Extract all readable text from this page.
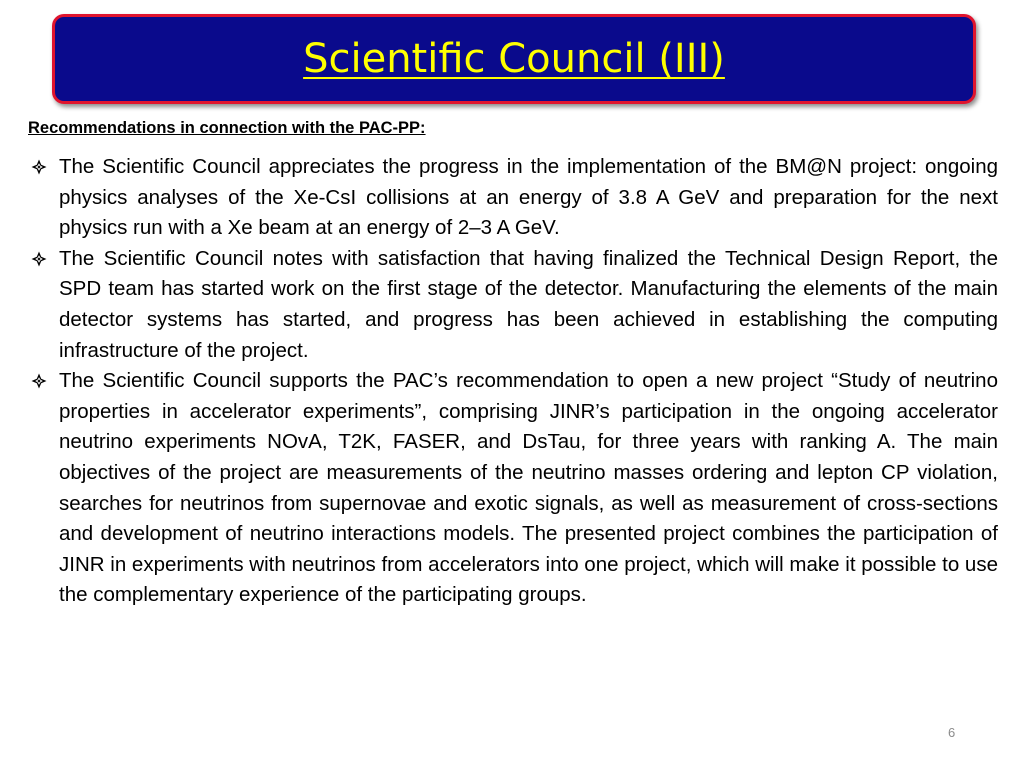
Scientific Council (III)
Recommendations in connection with the PAC-PP:
The Scientific Council appreciates the progress in the implementation of the BM@N project: ongoing physics analyses of the Xe-CsI collisions at an energy of 3.8 A GeV and preparation for the next physics run with a Xe beam at an energy of 2–3 A GeV.
The Scientific Council notes with satisfaction that having finalized the Technical Design Report, the SPD team has started work on the first stage of the detector. Manufacturing the elements of the main detector systems has started, and progress has been achieved in establishing the computing infrastructure of the project.
The Scientific Council supports the PAC’s recommendation to open a new project “Study of neutrino properties in accelerator experiments”, comprising JINR’s participation in the ongoing accelerator neutrino experiments NOvA, T2K, FASER, and DsTau, for three years with ranking A. The main objectives of the project are measurements of the neutrino masses ordering and lepton CP violation, searches for neutrinos from supernovae and exotic signals, as well as measurement of cross-sections and development of neutrino interactions models. The presented project combines the participation of JINR in experiments with neutrinos from accelerators into one project, which will make it possible to use the complementary experience of the participating groups.
6
